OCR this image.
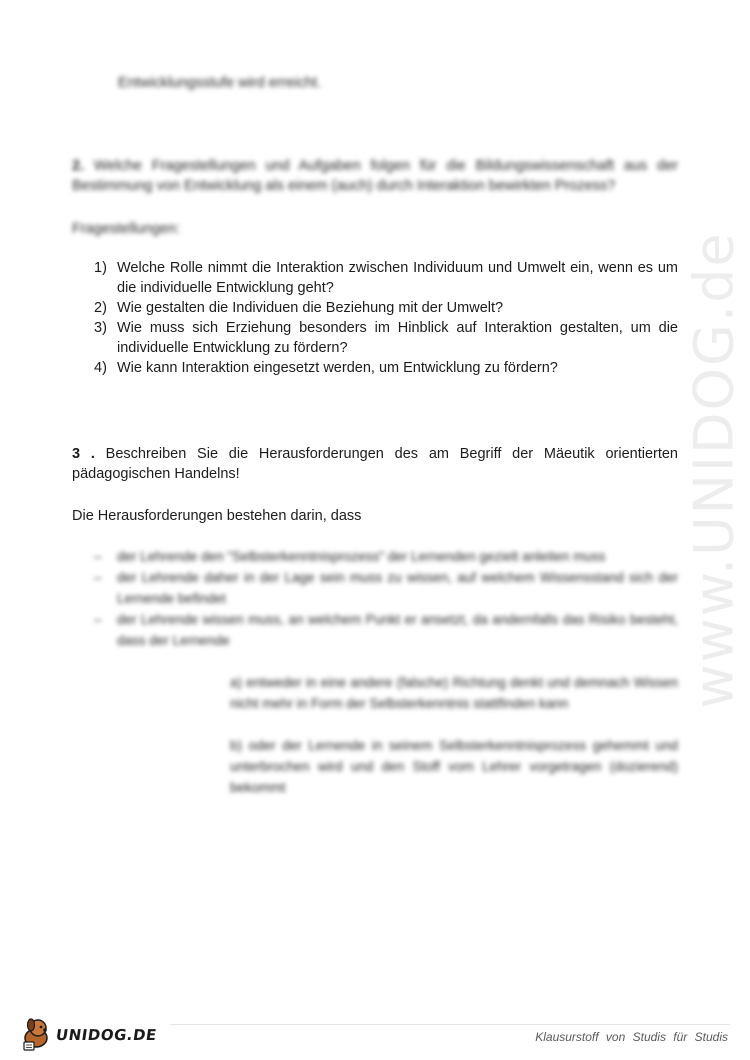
www.UNIDOG.de
Entwicklungsstufe wird erreicht.
2. Welche Fragestellungen und Aufgaben folgen für die Bildungswissenschaft aus der Bestimmung von Entwicklung als einem (auch) durch Interaktion bewirkten Prozess?
Fragestellungen:
1) Welche Rolle nimmt die Interaktion zwischen Individuum und Umwelt ein, wenn es um die individuelle Entwicklung geht?
2) Wie gestalten die Individuen die Beziehung mit der Umwelt?
3) Wie muss sich Erziehung besonders im Hinblick auf Interaktion gestalten, um die individuelle Entwicklung zu fördern?
4) Wie kann Interaktion eingesetzt werden, um Entwicklung zu fördern?
3 . Beschreiben Sie die Herausforderungen des am Begriff der Mäeutik orientierten pädagogischen Handelns!
Die Herausforderungen bestehen darin, dass
– der Lehrende den "Selbsterkenntnisprozess" der Lernenden gezielt anleiten muss
– der Lehrende daher in der Lage sein muss zu wissen, auf welchem Wissensstand sich der Lernende befindet
– der Lehrende wissen muss, an welchem Punkt er ansetzt, da andernfalls das Risiko besteht, dass der Lernende
a) entweder in eine andere (falsche) Richtung denkt und demnach Wissen nicht mehr in Form der Selbsterkenntnis stattfinden kann
b) oder der Lernende in seinem Selbsterkenntnisprozess gehemmt und unterbrochen wird und den Stoff vom Lehrer vorgetragen (dozierend) bekommt
UNIDOG.DE	Klausurstoff von Studis für Studis
